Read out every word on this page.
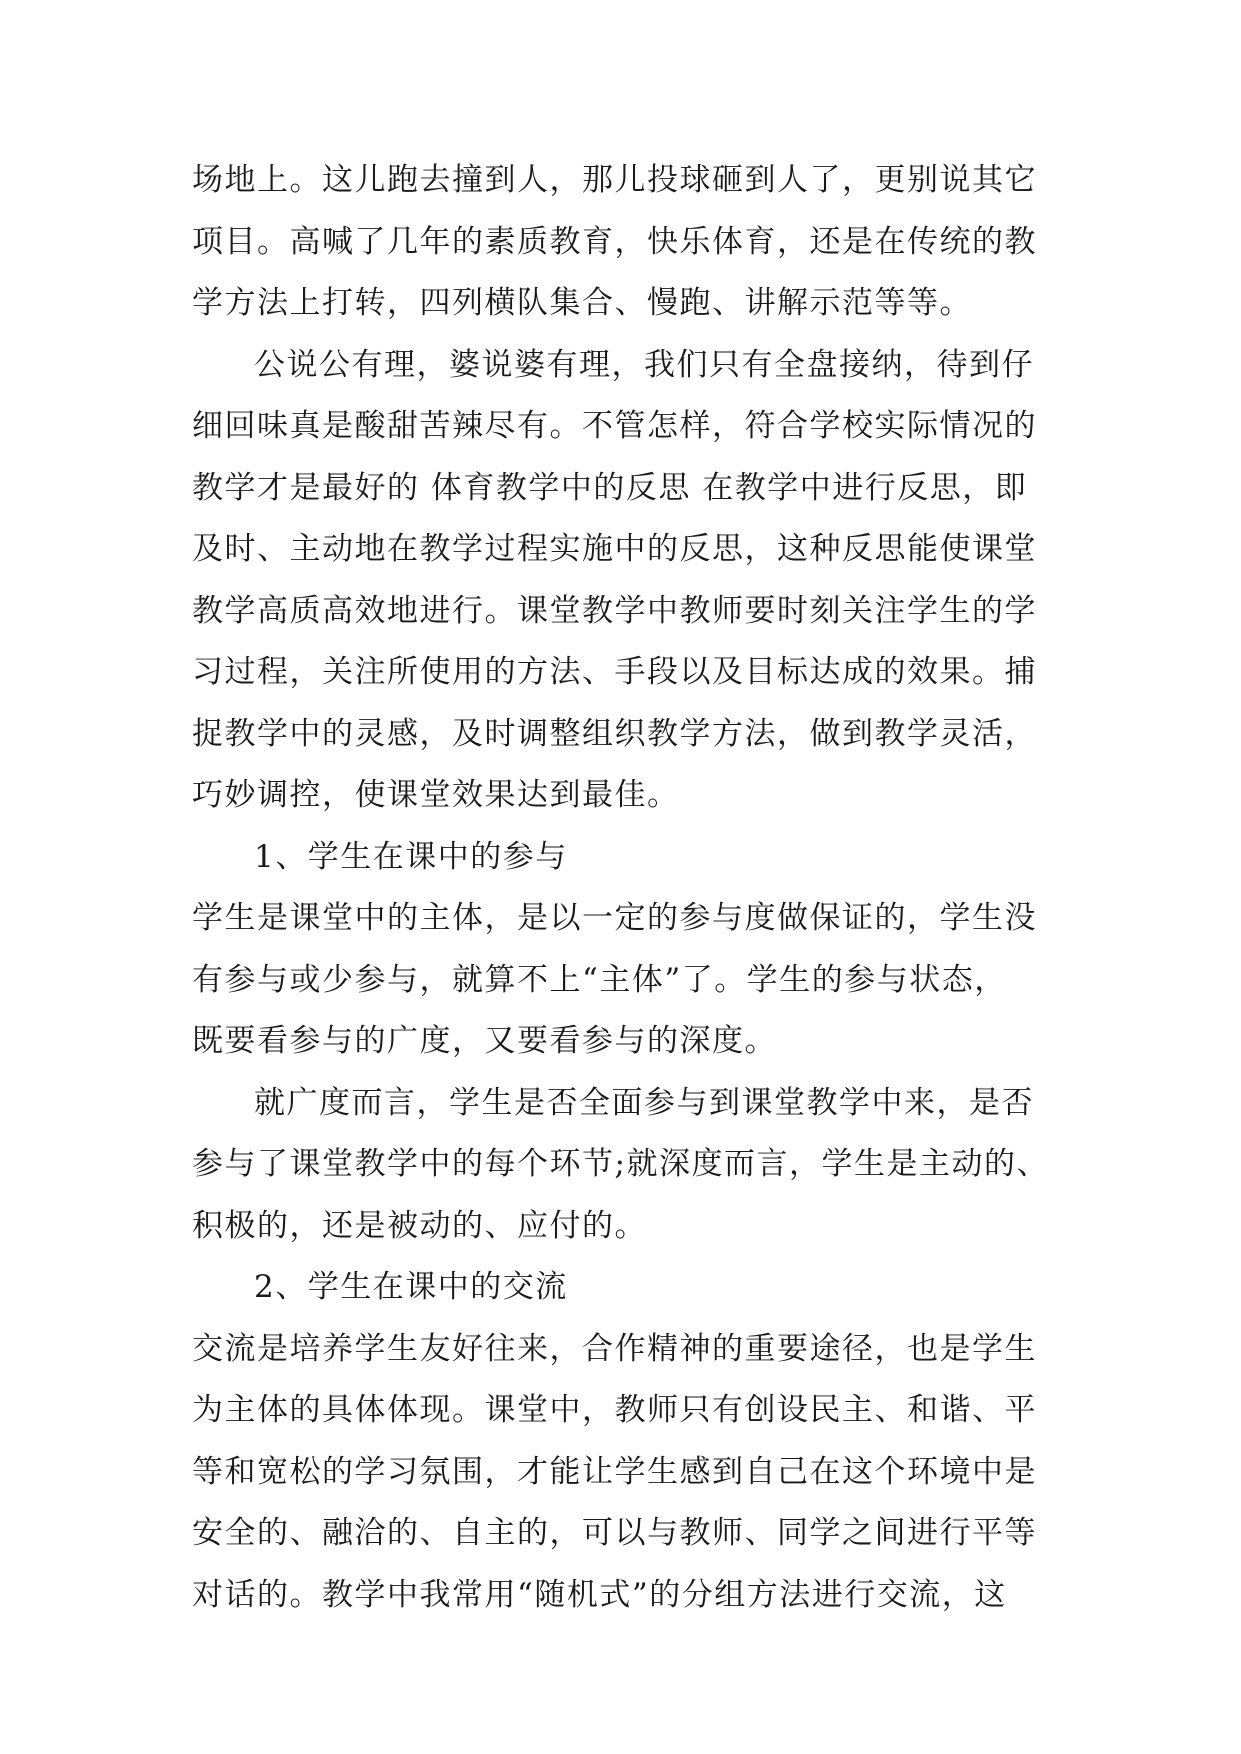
场地上。这儿跑去撞到人，那儿投球砸到人了，更别说其它
项目。高喊了几年的素质教育，快乐体育，还是在传统的教
学方法上打转，四列横队集合、慢跑、讲解示范等等。
公说公有理，婆说婆有理，我们只有全盘接纳，待到仔
细回味真是酸甜苦辣尽有。不管怎样，符合学校实际情况的
教学才是最好的 体育教学中的反思 在教学中进行反思，即
及时、主动地在教学过程实施中的反思，这种反思能使课堂
教学高质高效地进行。课堂教学中教师要时刻关注学生的学
习过程，关注所使用的方法、手段以及目标达成的效果。捕
捉教学中的灵感，及时调整组织教学方法，做到教学灵活，
巧妙调控，使课堂效果达到最佳。
1、学生在课中的参与
学生是课堂中的主体，是以一定的参与度做保证的，学生没
有参与或少参与，就算不上“主体”了。学生的参与状态，
既要看参与的广度，又要看参与的深度。
就广度而言，学生是否全面参与到课堂教学中来，是否
参与了课堂教学中的每个环节;就深度而言，学生是主动的、
积极的，还是被动的、应付的。
2、学生在课中的交流
交流是培养学生友好往来，合作精神的重要途径，也是学生
为主体的具体体现。课堂中，教师只有创设民主、和谐、平
等和宽松的学习氛围，才能让学生感到自己在这个环境中是
安全的、融洽的、自主的，可以与教师、同学之间进行平等
对话的。教学中我常用“随机式”的分组方法进行交流，这
